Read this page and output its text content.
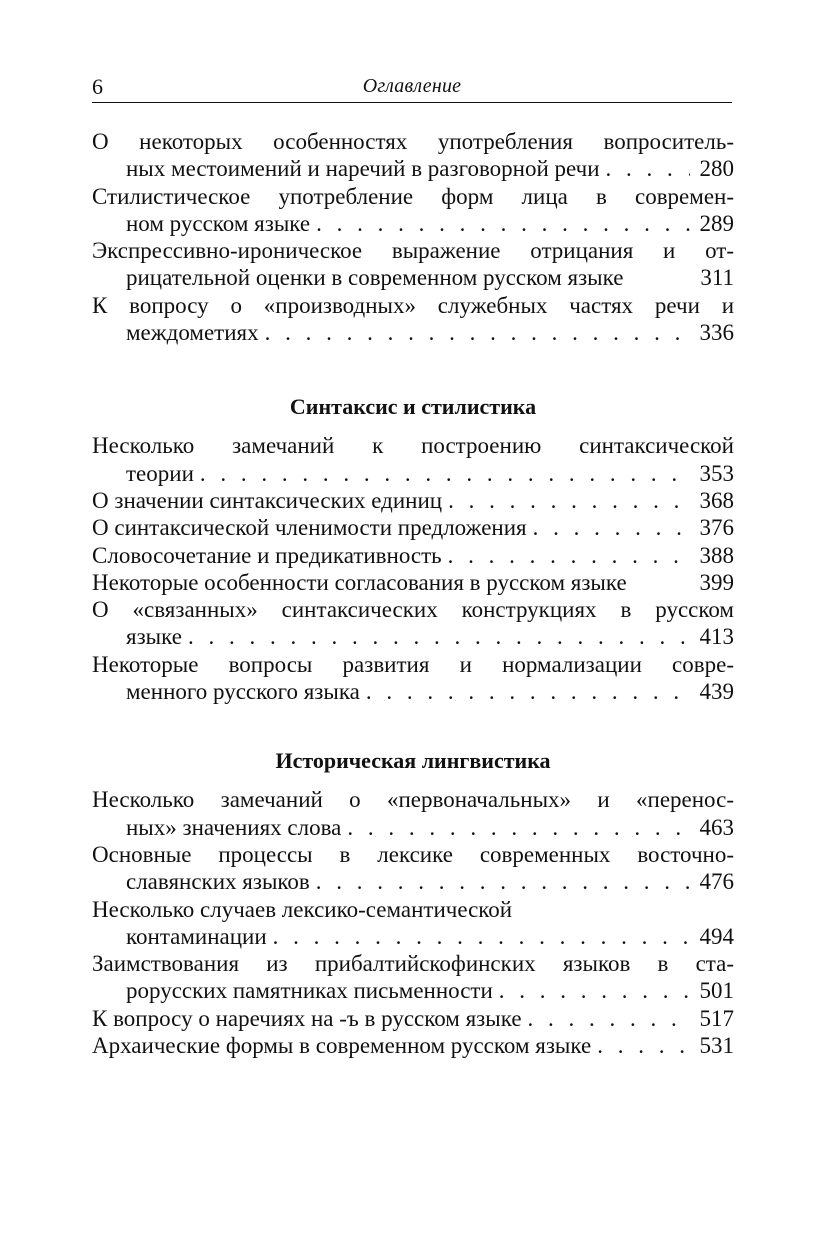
6	Оглавление
О некоторых особенностях употребления вопроситель-
ных местоимений и наречий в разговорной речи . . .	280
Стилистическое употребление форм лица в современ-
ном русском языке . . .	289
Экспрессивно-ироническое выражение отрицания и от-
рицательной оценки в современном русском языке	311
К вопросу о «производных» служебных частях речи и
междометиях . . .	336
Синтаксис и стилистика
Несколько замечаний к построению синтаксической
теории . . .	353
О значении синтаксических единиц . . .	368
О синтаксической членимости предложения . . .	376
Словосочетание и предикативность . . .	388
Некоторые особенности согласования в русском языке	399
О «связанных» синтаксических конструкциях в русском
языке . . .	413
Некоторые вопросы развития и нормализации совре-
менного русского языка . . .	439
Историческая лингвистика
Несколько замечаний о «первоначальных» и «перенос-
ных» значениях слова . . .	463
Основные процессы в лексике современных восточно-
славянских языков . . .	476
Несколько случаев лексико-семантической
контаминации . . .	494
Заимствования из прибалтийскофинских языков в ста-
рорусских памятниках письменности . . .	501
К вопросу о наречиях на -ъ в русском языке . . .	517
Архаические формы в современном русском языке . . .	531
